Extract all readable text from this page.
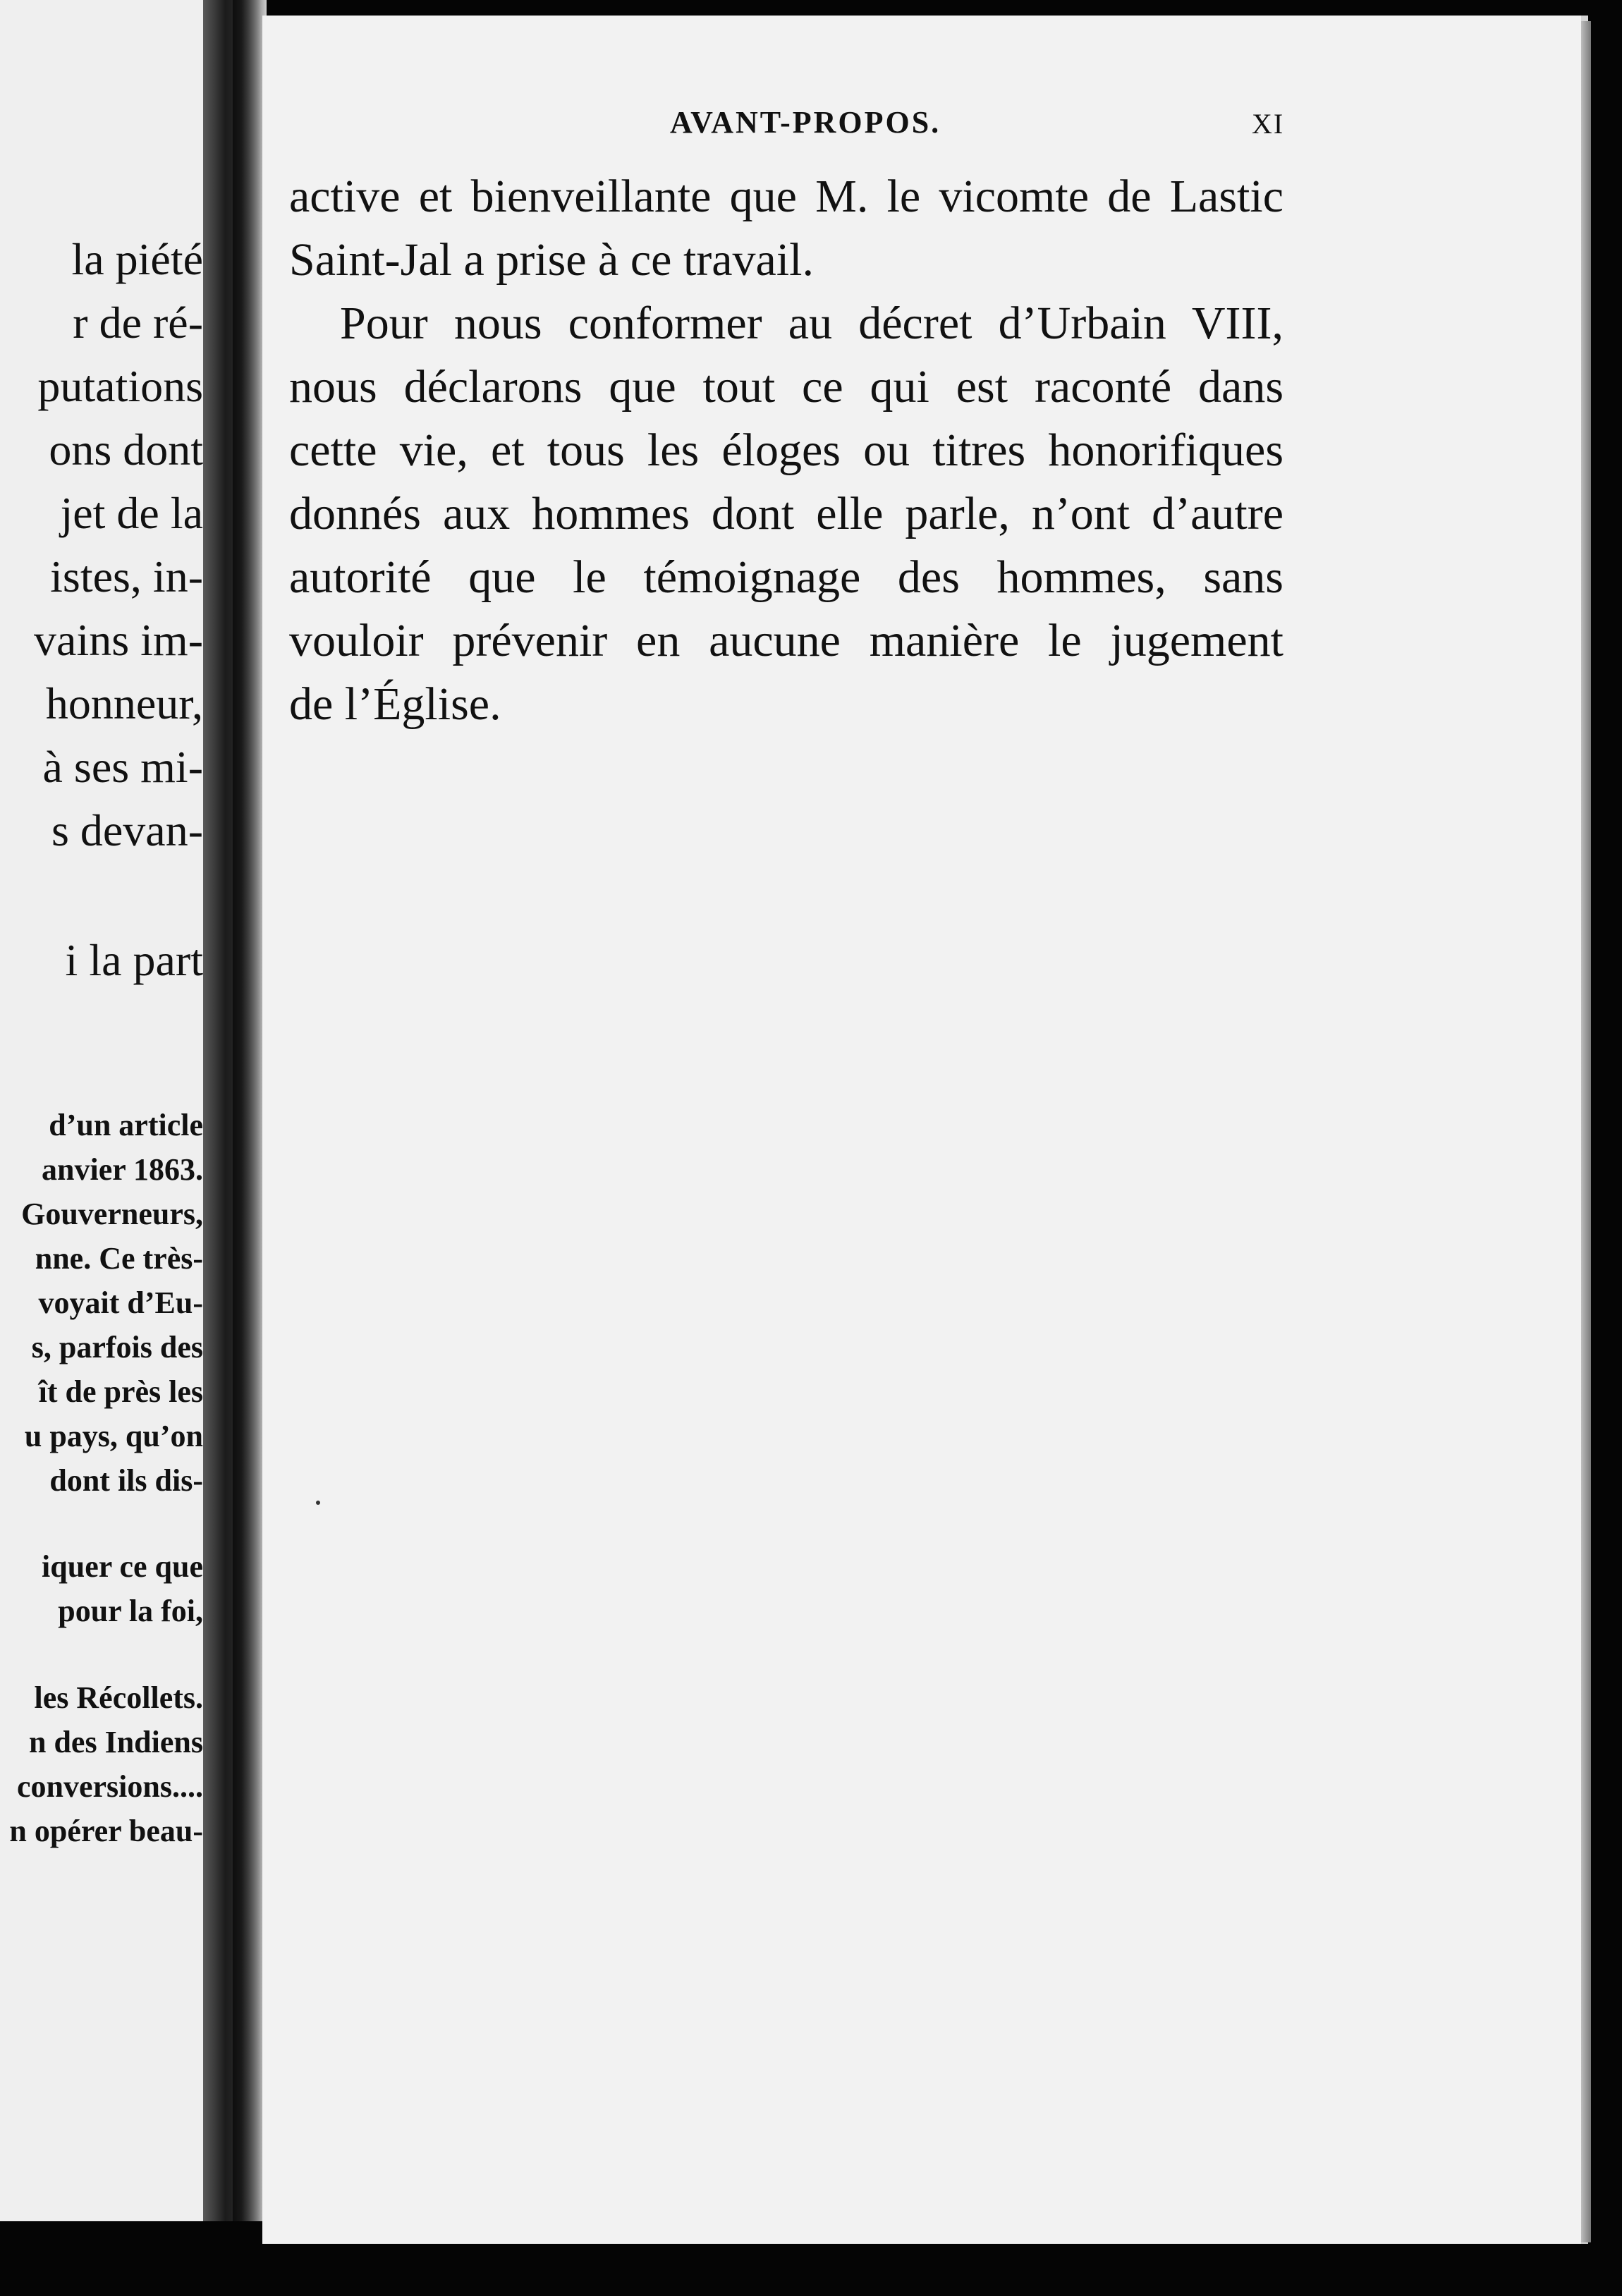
la piété
r de ré-
putations
ons dont
jet de la
istes, in-
vains im-
honneur,
à ses mi-
s devan-
i la part
d’un article
anvier 1863.
Gouverneurs,
nne. Ce très-
voyait d’Eu-
s, parfois des
ît de près les
u pays, qu’on
dont ils dis-
iquer ce que
pour la foi,
les Récollets.
n des Indiens
conversions....
n opérer beau-
AVANT-PROPOS.	XI
active et bienveillante que M. le vicomte de Lastic
Saint-Jal a prise à ce travail.
Pour nous conformer au décret d’Urbain VIII,
nous déclarons que tout ce qui est raconté dans
cette vie, et tous les éloges ou titres honorifiques
donnés aux hommes dont elle parle, n’ont d’autre
autorité que le témoignage des hommes, sans
vouloir prévenir en aucune manière le jugement
de l’Église.
